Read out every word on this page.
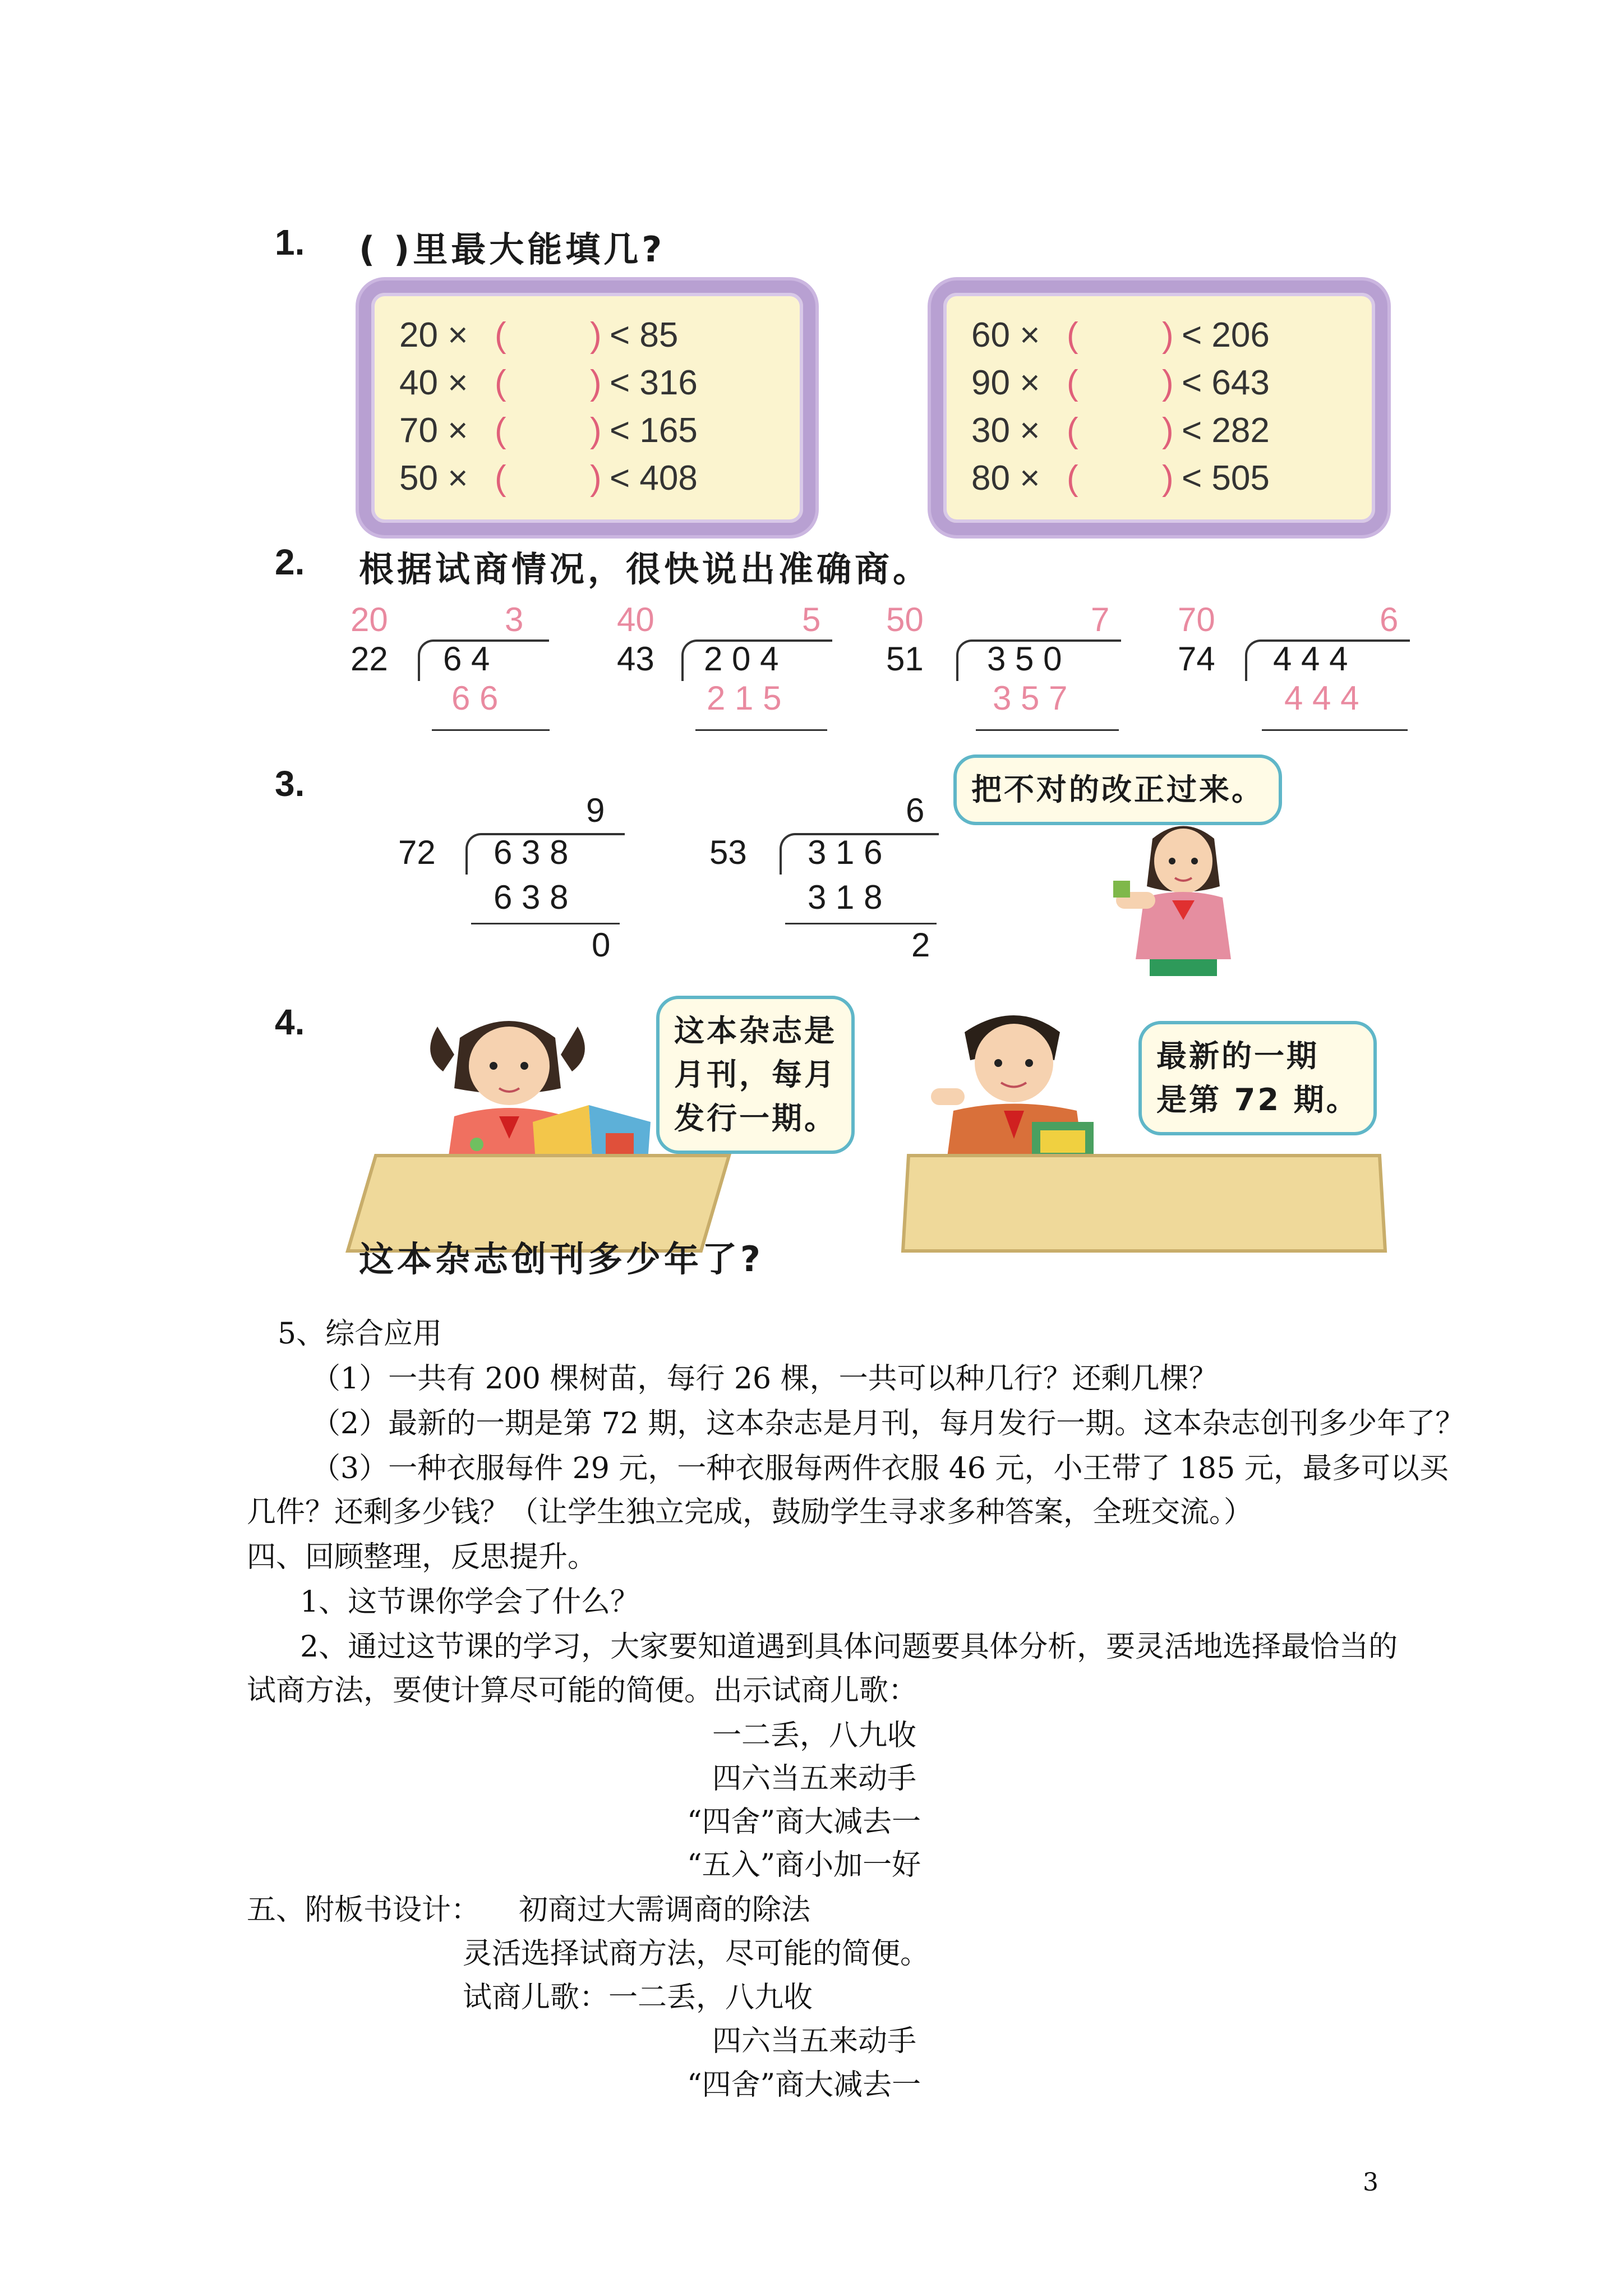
1. ( )里最大能填几?
20 × ( ) < 85
40 × ( ) < 316
70 × ( ) < 165
50 × ( ) < 408
60 × ( ) < 206
90 × ( ) < 643
30 × ( ) < 282
80 × ( ) < 505
2. 根据试商情况，很快说出准确商。
20	3
22 6 4
6 6
40	5
43 2 0 4
2 1 5
50	7
51 3 5 0
3 5 7
70	6
74 4 4 4
4 4 4
3.
9
72 6 3 8
6 3 8
0
6
53 3 1 6
3 1 8
2
把不对的改正过来。
4.	这本杂志是
月刊，每月
发行一期。
最新的一期
是第 72 期。
这本杂志创刊多少年了?
5、综合应用
（1）一共有 200 棵树苗，每行 26 棵，一共可以种几行？还剩几棵？
（2）最新的一期是第 72 期，这本杂志是月刊，每月发行一期。这本杂志创刊多少年了？
（3）一种衣服每件 29 元，一种衣服每两件衣服 46 元，小王带了 185 元，最多可以买
几件？还剩多少钱？（让学生独立完成，鼓励学生寻求多种答案，全班交流。）
四、回顾整理，反思提升。
1、这节课你学会了什么？
2、通过这节课的学习，大家要知道遇到具体问题要具体分析，要灵活地选择最恰当的
试商方法，要使计算尽可能的简便。出示试商儿歌：
一二丢，八九收
四六当五来动手
“四舍”商大减去一
“五入”商小加一好
五、附板书设计： 初商过大需调商的除法
灵活选择试商方法，尽可能的简便。
试商儿歌：一二丢，八九收
四六当五来动手
“四舍”商大减去一
3
